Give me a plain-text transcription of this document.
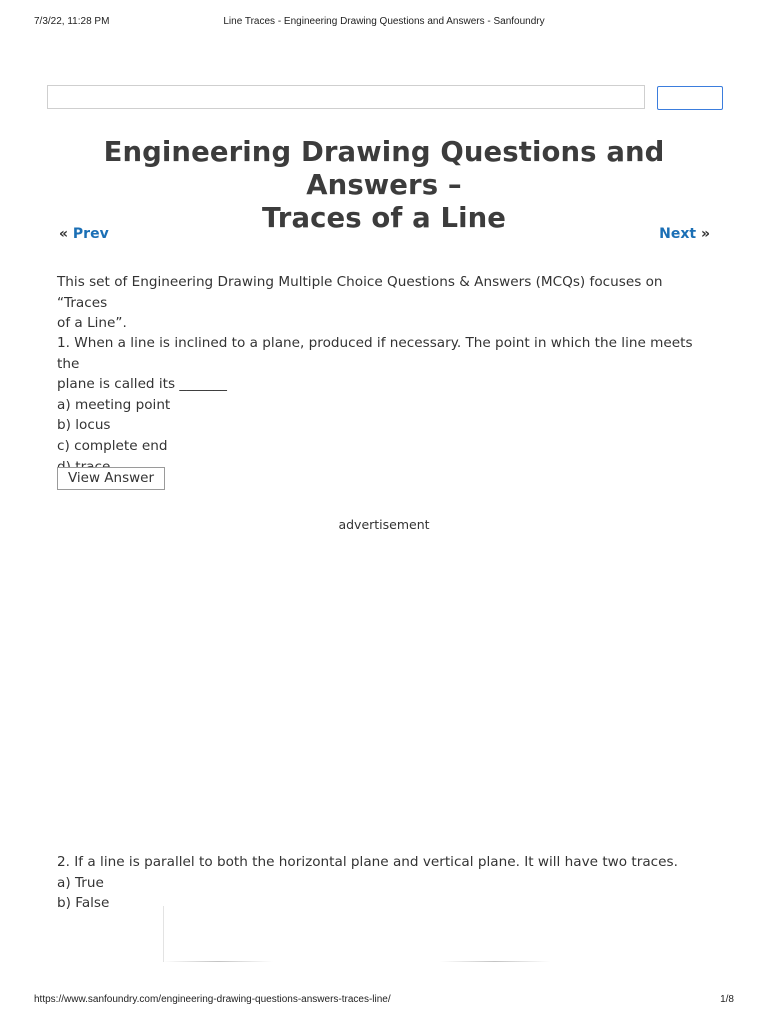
7/3/22, 11:28 PM	Line Traces - Engineering Drawing Questions and Answers - Sanfoundry
Engineering Drawing Questions and Answers –
Traces of a Line
« Prev	Next »

This set of Engineering Drawing Multiple Choice Questions & Answers (MCQs) focuses on “Traces
of a Line”.

1. When a line is inclined to a plane, produced if necessary. The point in which the line meets the
plane is called its _______

a) meeting point

b) locus

c) complete end

View Answer
advertisement

2. If a line is parallel to both the horizontal plane and vertical plane. It will have two traces.

a) True

b) False

https://www.sanfoundry.com/engineering-drawing-questions-answers-traces-line/	1/8
